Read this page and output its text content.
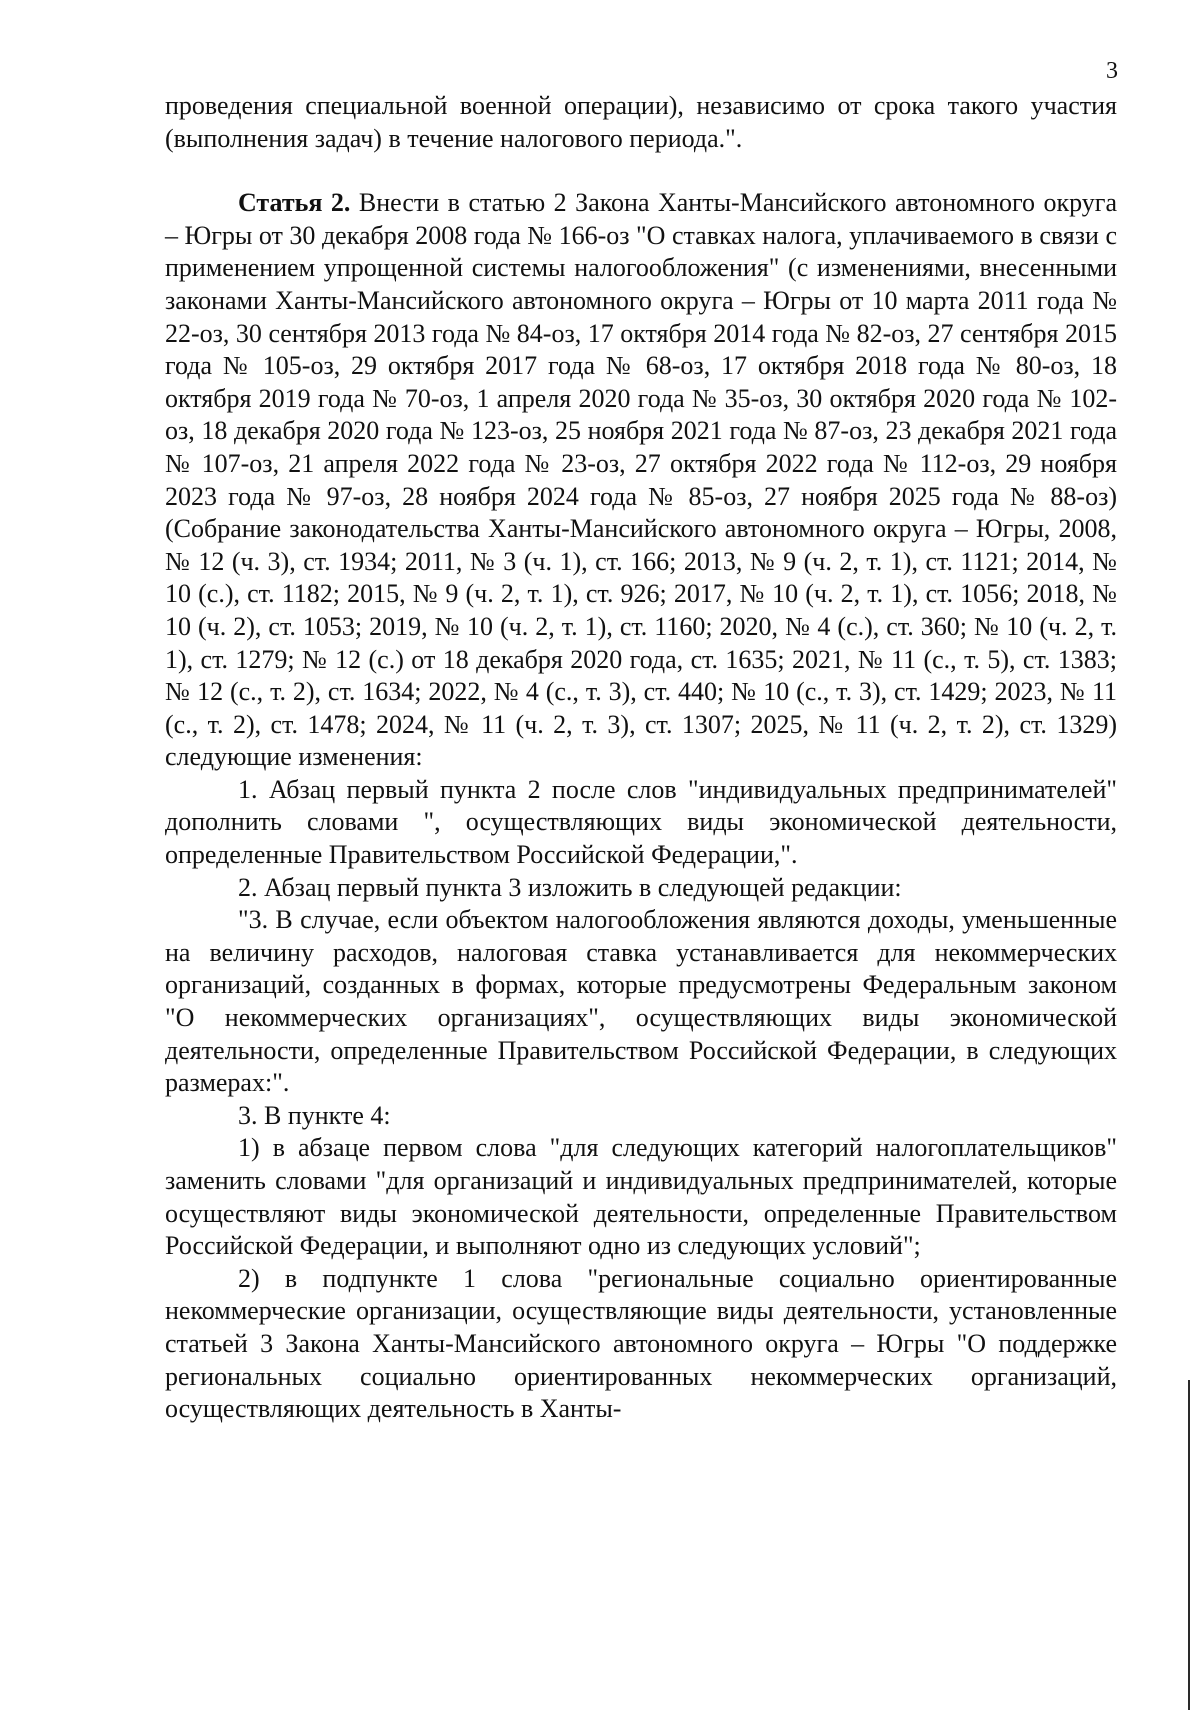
3

проведения специальной военной операции), независимо от срока такого участия (выполнения задач) в течение налогового периода.".

Статья 2. Внести в статью 2 Закона Ханты-Мансийского автономного округа – Югры от 30 декабря 2008 года № 166-оз "О ставках налога, уплачиваемого в связи с применением упрощенной системы налогообложения" (с изменениями, внесенными законами Ханты-Мансийского автономного округа – Югры от 10 марта 2011 года № 22-оз, 30 сентября 2013 года № 84-оз, 17 октября 2014 года № 82-оз, 27 сентября 2015 года № 105-оз, 29 октября 2017 года № 68-оз, 17 октября 2018 года № 80-оз, 18 октября 2019 года № 70-оз, 1 апреля 2020 года № 35-оз, 30 октября 2020 года № 102-оз, 18 декабря 2020 года № 123-оз, 25 ноября 2021 года № 87-оз, 23 декабря 2021 года № 107-оз, 21 апреля 2022 года № 23-оз, 27 октября 2022 года № 112-оз, 29 ноября 2023 года № 97-оз, 28 ноября 2024 года № 85-оз, 27 ноября 2025 года № 88-оз) (Собрание законодательства Ханты-Мансийского автономного округа – Югры, 2008, № 12 (ч. 3), ст. 1934; 2011, № 3 (ч. 1), ст. 166; 2013, № 9 (ч. 2, т. 1), ст. 1121; 2014, № 10 (с.), ст. 1182; 2015, № 9 (ч. 2, т. 1), ст. 926; 2017, № 10 (ч. 2, т. 1), ст. 1056; 2018, № 10 (ч. 2), ст. 1053; 2019, № 10 (ч. 2, т. 1), ст. 1160; 2020, № 4 (с.), ст. 360; № 10 (ч. 2, т. 1), ст. 1279; № 12 (с.) от 18 декабря 2020 года, ст. 1635; 2021, № 11 (с., т. 5), ст. 1383; № 12 (с., т. 2), ст. 1634; 2022, № 4 (с., т. 3), ст. 440; № 10 (с., т. 3), ст. 1429; 2023, № 11 (с., т. 2), ст. 1478; 2024, № 11 (ч. 2, т. 3), ст. 1307; 2025, № 11 (ч. 2, т. 2), ст. 1329) следующие изменения:

1. Абзац первый пункта 2 после слов "индивидуальных предпринимателей" дополнить словами ", осуществляющих виды экономической деятельности, определенные Правительством Российской Федерации,".

2. Абзац первый пункта 3 изложить в следующей редакции:

"3. В случае, если объектом налогообложения являются доходы, уменьшенные на величину расходов, налоговая ставка устанавливается для некоммерческих организаций, созданных в формах, которые предусмотрены Федеральным законом "О некоммерческих организациях", осуществляющих виды экономической деятельности, определенные Правительством Российской Федерации, в следующих размерах:".

3. В пункте 4:

1) в абзаце первом слова "для следующих категорий налогоплательщиков" заменить словами "для организаций и индивидуальных предпринимателей, которые осуществляют виды экономической деятельности, определенные Правительством Российской Федерации, и выполняют одно из следующих условий";

2) в подпункте 1 слова "региональные социально ориентированные некоммерческие организации, осуществляющие виды деятельности, установленные статьей 3 Закона Ханты-Мансийского автономного округа – Югры "О поддержке региональных социально ориентированных некоммерческих организаций, осуществляющих деятельность в Ханты-
